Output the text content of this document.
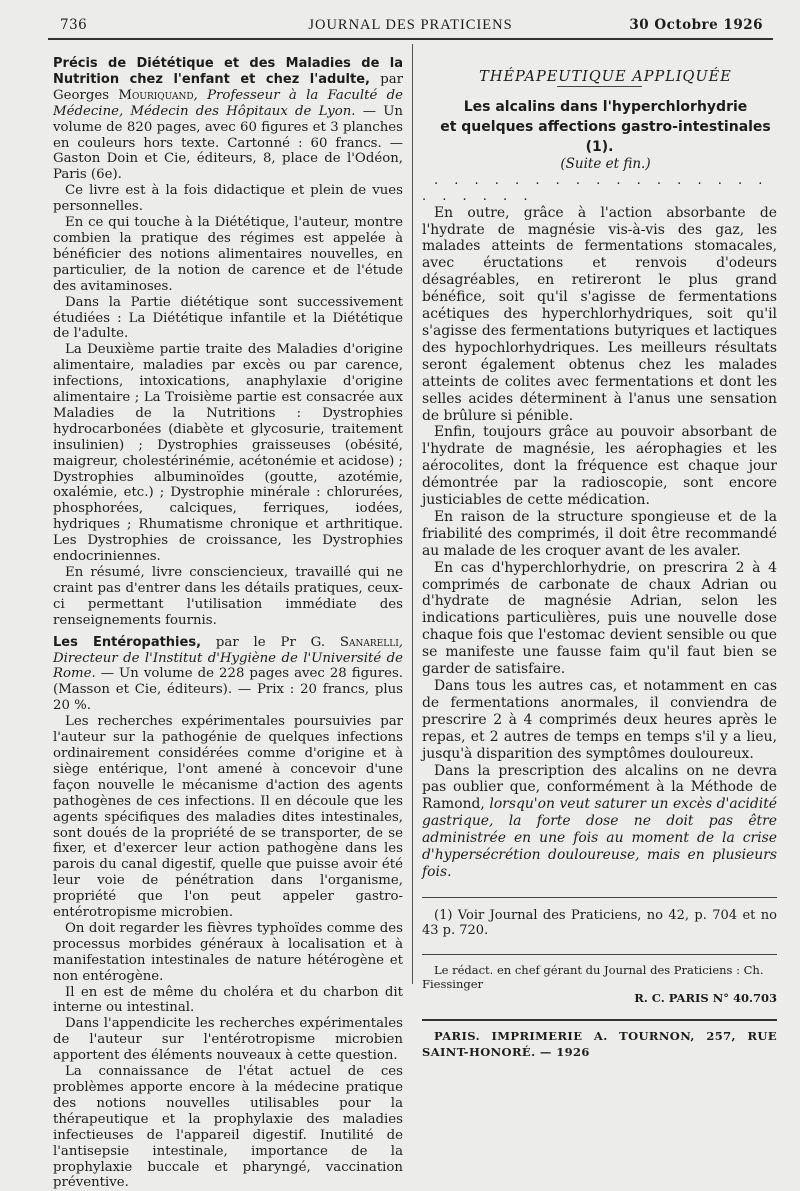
736	JOURNAL DES PRATICIENS	30 Octobre 1926

Précis de Diététique et des Maladies de la Nutrition chez l'enfant et chez l'adulte, par Georges Mouriquand, Professeur à la Faculté de Médecine, Médecin des Hôpitaux de Lyon. — Un volume de 820 pages, avec 60 figures et 3 planches en couleurs hors texte. Cartonné : 60 francs. — Gaston Doin et Cie, éditeurs, 8, place de l'Odéon, Paris (6e).

Ce livre est à la fois didactique et plein de vues personnelles.

En ce qui touche à la Diététique, l'auteur, montre combien la pratique des régimes est appelée à bénéficier des notions alimentaires nouvelles, en particulier, de la notion de carence et de l'étude des avitaminoses.

Dans la Partie diététique sont successivement étudiées : La Diététique infantile et la Diététique de l'adulte.

La Deuxième partie traite des Maladies d'origine alimentaire, maladies par excès ou par carence, infections, intoxications, anaphylaxie d'origine alimentaire ; La Troisième partie est consacrée aux Maladies de la Nutritions : Dystrophies hydrocarbonées (diabète et glycosurie, traitement insulinien) ; Dystrophies graisseuses (obésité, maigreur, cholestérinémie, acétonémie et acidose) ; Dystrophies albuminoïdes (goutte, azotémie, oxalémie, etc.) ; Dystrophie minérale : chlorurées, phosphorées, calciques, ferriques, iodées, hydriques ; Rhumatisme chronique et arthritique. Les Dystrophies de croissance, les Dystrophies endocriniennes.

En résumé, livre consciencieux, travaillé qui ne craint pas d'entrer dans les détails pratiques, ceux-ci permettant l'utilisation immédiate des renseignements fournis.

Les Entéropathies, par le Pr G. Sanarelli, Directeur de l'Institut d'Hygiène de l'Université de Rome. — Un volume de 228 pages avec 28 figures. (Masson et Cie, éditeurs). — Prix : 20 francs, plus 20 %.

Les recherches expérimentales poursuivies par l'auteur sur la pathogénie de quelques infections ordinairement considérées comme d'origine et à siège entérique, l'ont amené à concevoir d'une façon nouvelle le mécanisme d'action des agents pathogènes de ces infections. Il en découle que les agents spécifiques des maladies dites intestinales, sont doués de la propriété de se transporter, de se fixer, et d'exercer leur action pathogène dans les parois du canal digestif, quelle que puisse avoir été leur voie de pénétration dans l'organisme, propriété que l'on peut appeler gastro-entérotropisme microbien.

On doit regarder les fièvres typhoïdes comme des processus morbides généraux à localisation et à manifestation intestinales de nature hétérogène et non entérogène.

Il en est de même du choléra et du charbon dit interne ou intestinal.

Dans l'appendicite les recherches expérimentales de l'auteur sur l'entérotropisme microbien apportent des éléments nouveaux à cette question.

La connaissance de l'état actuel de ces problèmes apporte encore à la médecine pratique des notions nouvelles utilisables pour la thérapeutique et la prophylaxie des maladies infectieuses de l'appareil digestif. Inutilité de l'antisepsie intestinale, importance de la prophylaxie buccale et pharyngé, vaccination préventive.

THÉPAPEUTIQUE APPLIQUÉE

Les alcalins dans l'hyperchlorhydrie

et quelques affections gastro-intestinales (1).

(Suite et fin.)

. . . . . . . . . . . . . . . . . . . . . . .

En outre, grâce à l'action absorbante de l'hydrate de magnésie vis-à-vis des gaz, les malades atteints de fermentations stomacales, avec éructations et renvois d'odeurs désagréables, en retireront le plus grand bénéfice, soit qu'il s'agisse de fermentations acétiques des hyperchlorhydriques, soit qu'il s'agisse des fermentations butyriques et lactiques des hypochlorhydriques. Les meilleurs résultats seront également obtenus chez les malades atteints de colites avec fermentations et dont les selles acides déterminent à l'anus une sensation de brûlure si pénible.

Enfin, toujours grâce au pouvoir absorbant de l'hydrate de magnésie, les aérophagies et les aérocolites, dont la fréquence est chaque jour démontrée par la radioscopie, sont encore justiciables de cette médication.

En raison de la structure spongieuse et de la friabilité des comprimés, il doit être recommandé au malade de les croquer avant de les avaler.

En cas d'hyperchlorhydrie, on prescrira 2 à 4 comprimés de carbonate de chaux Adrian ou d'hydrate de magnésie Adrian, selon les indications particulières, puis une nouvelle dose chaque fois que l'estomac devient sensible ou que se manifeste une fausse faim qu'il faut bien se garder de satisfaire.

Dans tous les autres cas, et notamment en cas de fermentations anormales, il conviendra de prescrire 2 à 4 comprimés deux heures après le repas, et 2 autres de temps en temps s'il y a lieu, jusqu'à disparition des symptômes douloureux.

Dans la prescription des alcalins on ne devra pas oublier que, conformément à la Méthode de Ramond, lorsqu'on veut saturer un excès d'acidité gastrique, la forte dose ne doit pas être administrée en une fois au moment de la crise d'hypersécrétion douloureuse, mais en plusieurs fois.

(1) Voir Journal des Praticiens, no 42, p. 704 et no 43 p. 720.

Le rédact. en chef gérant du Journal des Praticiens : Ch. Fiessinger

R. C. PARIS N° 40.703

PARIS. IMPRIMERIE A. TOURNON, 257, RUE SAINT-HONORÉ. — 1926
